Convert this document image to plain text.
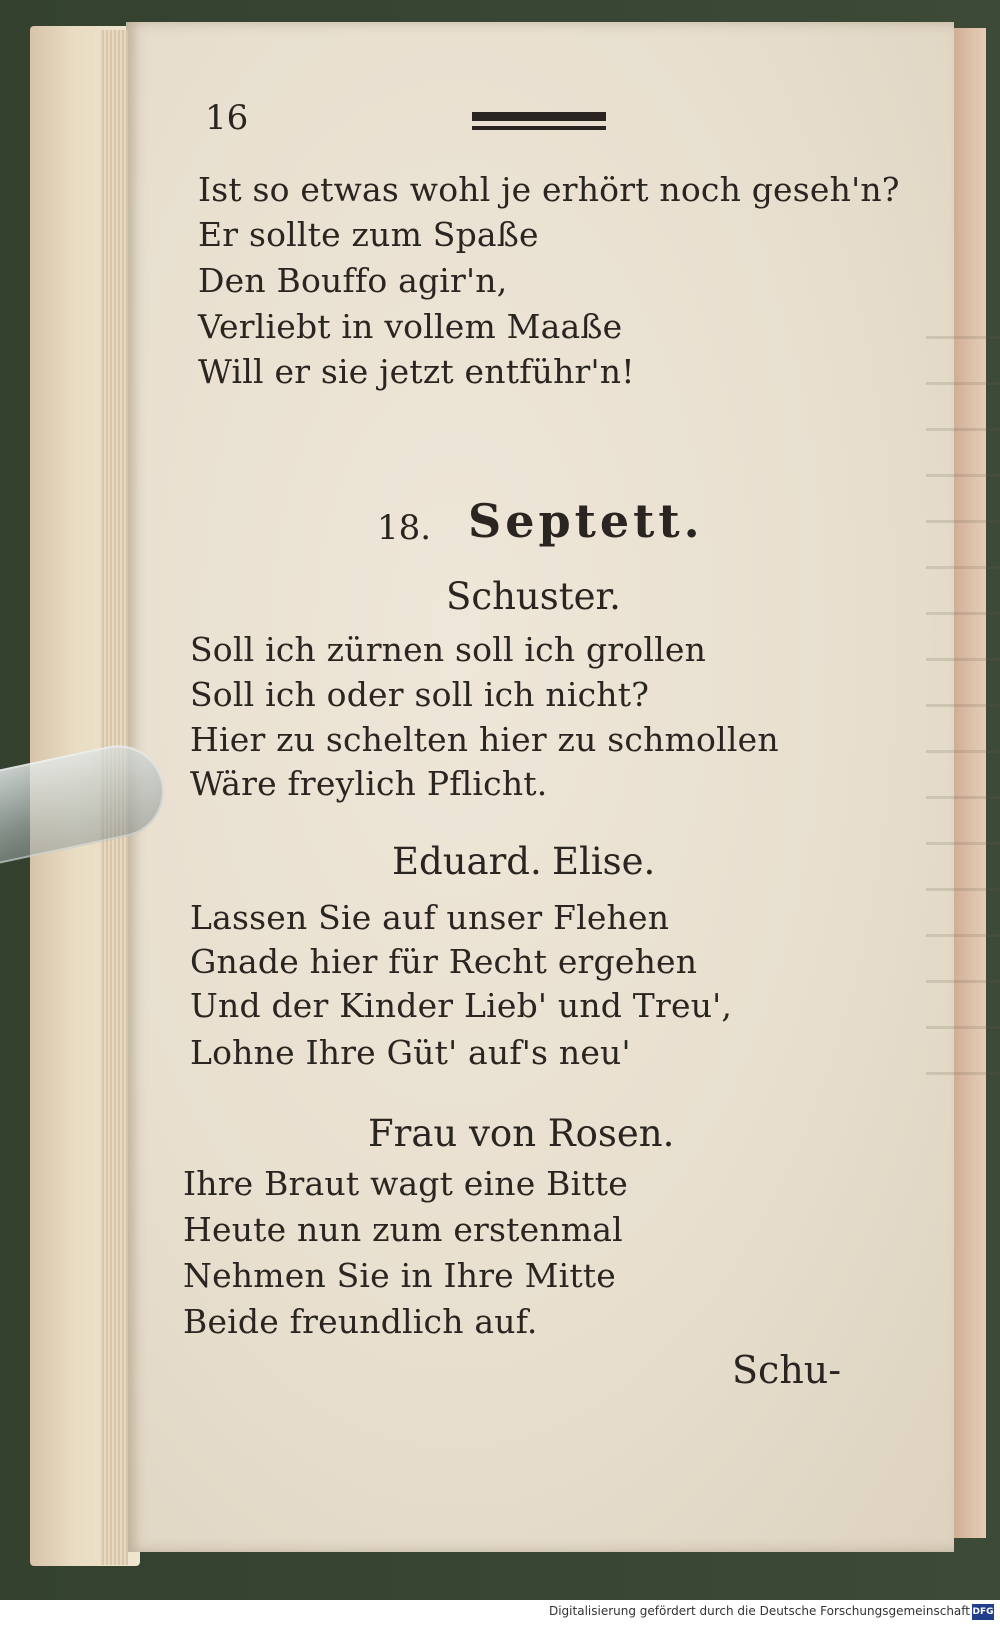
16
Ist so etwas wohl je erhört noch geseh'n?
Er sollte zum Spaße
Den Bouffo agir'n,
Verliebt in vollem Maaße
Will er sie jetzt entführ'n!
18. Septett.
Schuster.
Soll ich zürnen soll ich grollen
Soll ich oder soll ich nicht?
Hier zu schelten hier zu schmollen
Wäre freylich Pflicht.
Eduard. Elise.
Lassen Sie auf unser Flehen
Gnade hier für Recht ergehen
Und der Kinder Lieb' und Treu',
Lohne Ihre Güt' auf's neu'
Frau von Rosen.
Ihre Braut wagt eine Bitte
Heute nun zum erstenmal
Nehmen Sie in Ihre Mitte
Beide freundlich auf.
Schu-
Digitalisierung gefördert durch die Deutsche Forschungsgemeinschaft DFG
